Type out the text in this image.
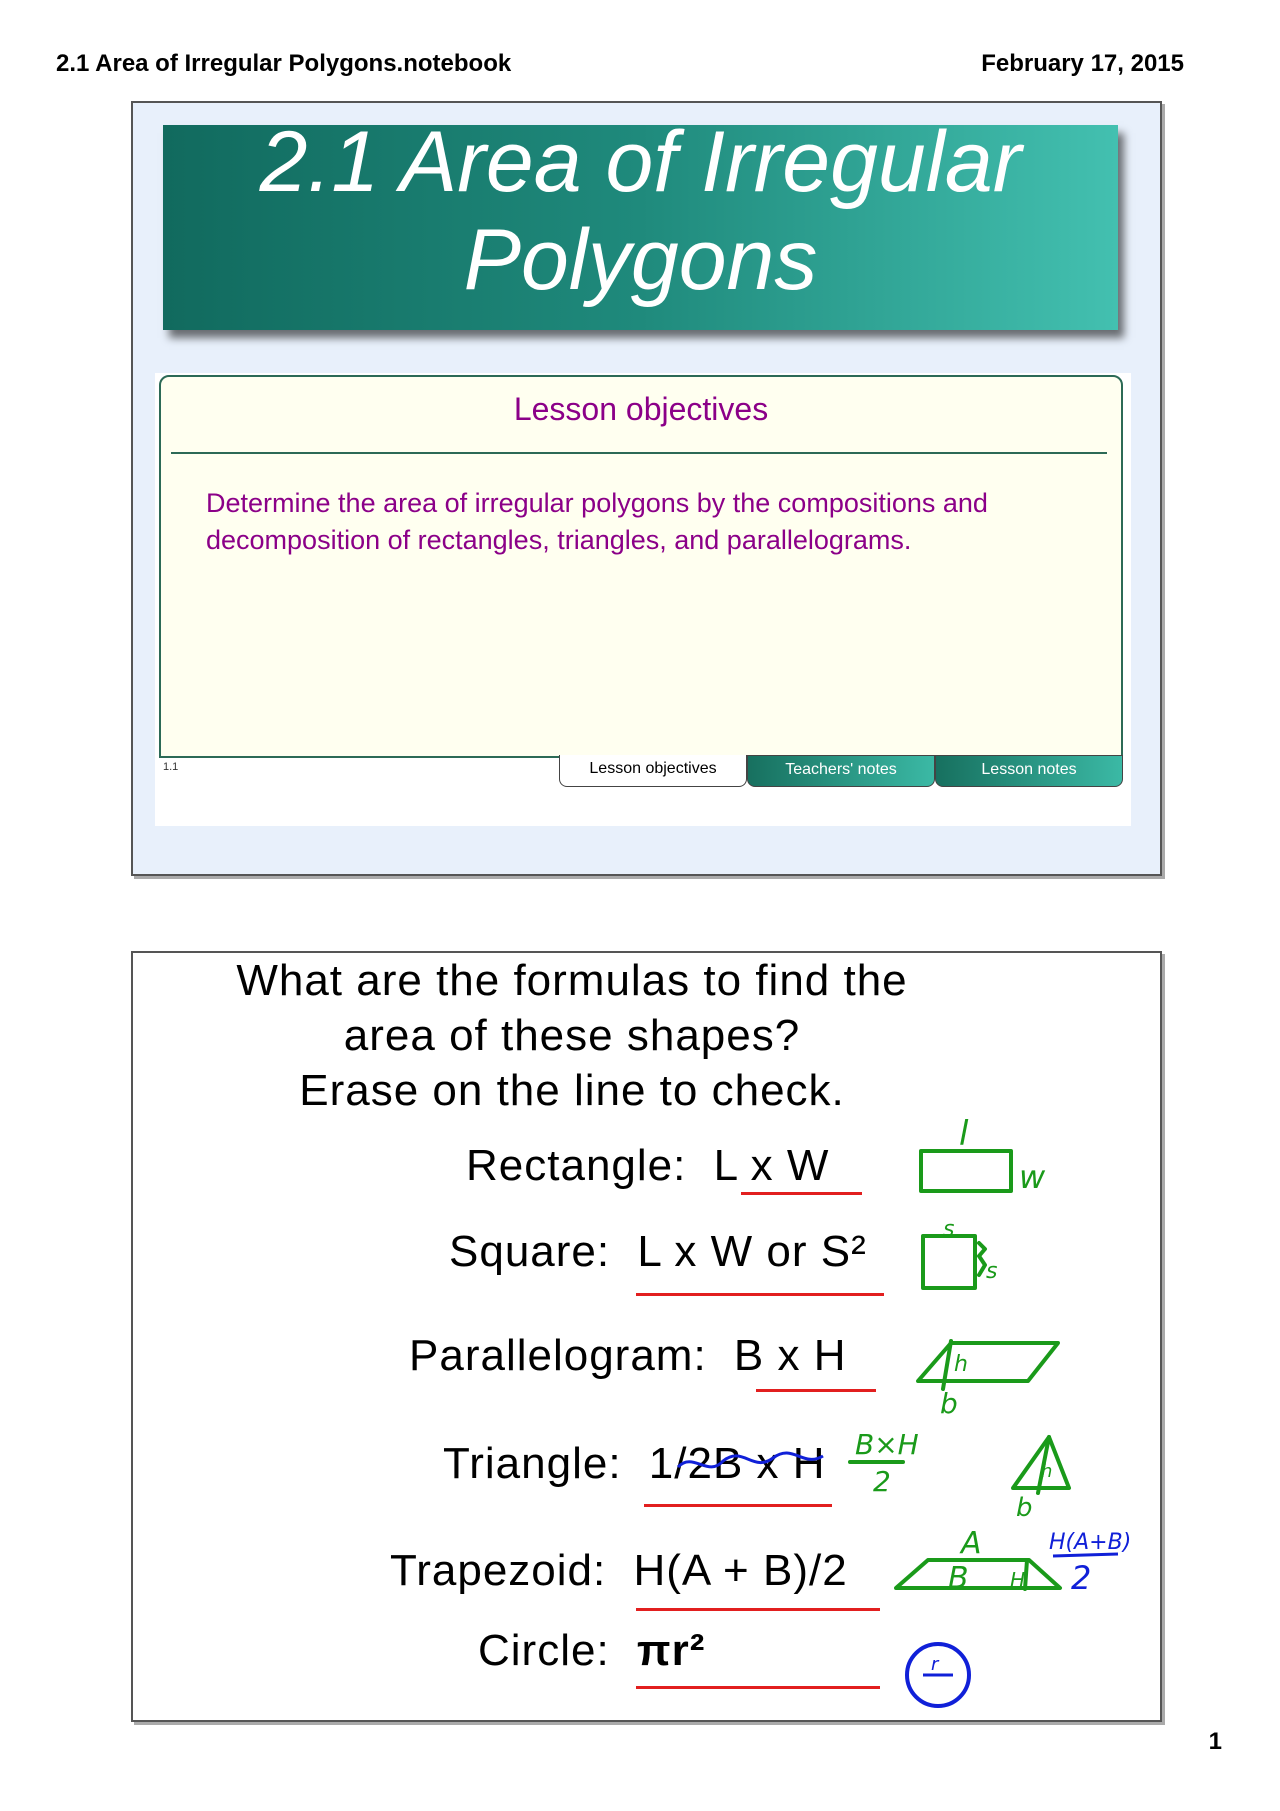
2.1 Area of Irregular Polygons.notebook	February 17, 2015
2.1 Area of Irregular
Polygons
Lesson objectives
Determine the area of irregular polygons by the compositions and decomposition of rectangles, triangles, and parallelograms.
1.1	Lesson objectives	Teachers' notes	Lesson notes
What are the formulas to find the
area of these shapes?
Erase on the line to check.
Rectangle: L x W
Square: L x W or S²
Parallelogram: B x H
Triangle: 1/2B x H
Trapezoid: H(A + B)/2
Circle: πr²
l
w
s
s
h
b
B×H
2	h
b
A
B H
H(A+B)
2
r
1
